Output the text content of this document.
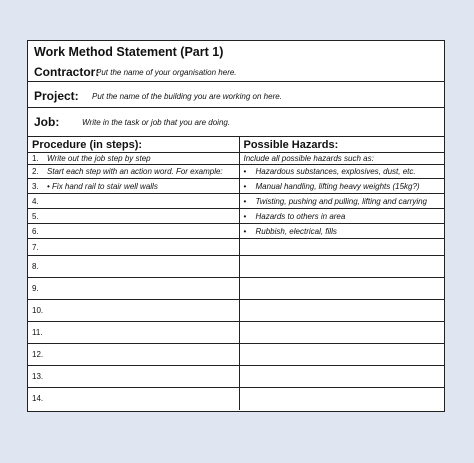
Work Method Statement (Part 1)
Contractor:
Put the name of your organisation here.
Project: Put the name of the building you are working on here.
Job:	Write in the task or job that you are doing.
Procedure (in steps):	Possible Hazards:
1. Write out the job step by step	Include all possible hazards such as:
2. Start each step with an action word. For example:	• Hazardous substances, explosives, dust, etc.
3. • Fix hand rail to stair well walls	• Manual handling, lifting heavy weights (15kg?)
4.	• Twisting, pushing and pulling, lifting and carrying
5.	• Hazards to others in area
6.	• Rubbish, electrical, fills
7.	
8.	
9.	
10.	
11.	
12.	
13.	
14.	
